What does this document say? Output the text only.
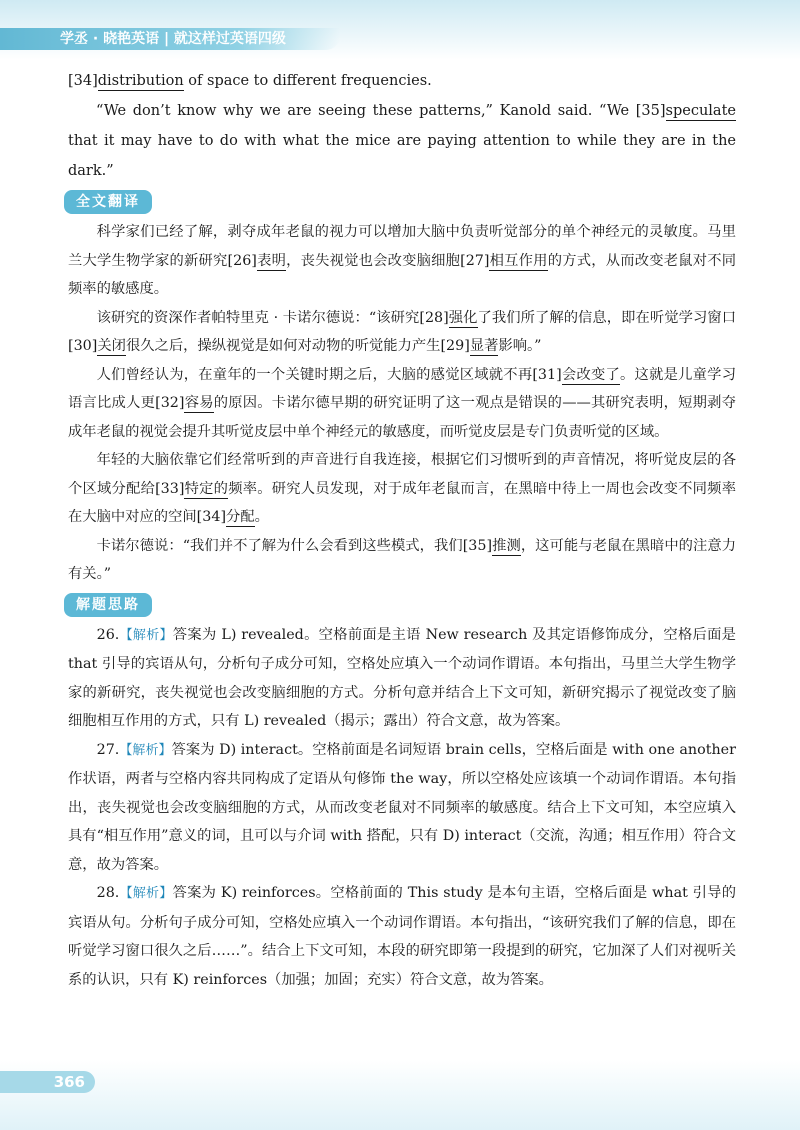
学丞 · 晓艳英语 | 就这样过英语四级

[34]distribution of space to different frequencies.

“We don’t know why we are seeing these patterns,” Kanold said. “We [35]speculate that it may have to do with what the mice are paying attention to while they are in the dark.”

全文翻译

科学家们已经了解，剥夺成年老鼠的视力可以增加大脑中负责听觉部分的单个神经元的灵敏度。马里兰大学生物学家的新研究[26]表明，丧失视觉也会改变脑细胞[27]相互作用的方式，从而改变老鼠对不同频率的敏感度。

该研究的资深作者帕特里克 · 卡诺尔德说：“该研究[28]强化了我们所了解的信息，即在听觉学习窗口[30]关闭很久之后，操纵视觉是如何对动物的听觉能力产生[29]显著影响。”

人们曾经认为，在童年的一个关键时期之后，大脑的感觉区域就不再[31]会改变了。这就是儿童学习语言比成人更[32]容易的原因。卡诺尔德早期的研究证明了这一观点是错误的——其研究表明，短期剥夺成年老鼠的视觉会提升其听觉皮层中单个神经元的敏感度，而听觉皮层是专门负责听觉的区域。

年轻的大脑依靠它们经常听到的声音进行自我连接，根据它们习惯听到的声音情况，将听觉皮层的各个区域分配给[33]特定的频率。研究人员发现，对于成年老鼠而言，在黑暗中待上一周也会改变不同频率在大脑中对应的空间[34]分配。

卡诺尔德说：“我们并不了解为什么会看到这些模式，我们[35]推测，这可能与老鼠在黑暗中的注意力有关。”

解题思路

26.【解析】答案为 L) revealed。空格前面是主语 New research 及其定语修饰成分，空格后面是 that 引导的宾语从句，分析句子成分可知，空格处应填入一个动词作谓语。本句指出，马里兰大学生物学家的新研究，丧失视觉也会改变脑细胞的方式。分析句意并结合上下文可知，新研究揭示了视觉改变了脑细胞相互作用的方式，只有 L) revealed（揭示；露出）符合文意，故为答案。

27.【解析】答案为 D) interact。空格前面是名词短语 brain cells，空格后面是 with one another 作状语，两者与空格内容共同构成了定语从句修饰 the way，所以空格处应该填一个动词作谓语。本句指出，丧失视觉也会改变脑细胞的方式，从而改变老鼠对不同频率的敏感度。结合上下文可知，本空应填入具有“相互作用”意义的词，且可以与介词 with 搭配，只有 D) interact（交流，沟通；相互作用）符合文意，故为答案。

28.【解析】答案为 K) reinforces。空格前面的 This study 是本句主语，空格后面是 what 引导的宾语从句。分析句子成分可知，空格处应填入一个动词作谓语。本句指出，“该研究我们了解的信息，即在听觉学习窗口很久之后……”。结合上下文可知，本段的研究即第一段提到的研究，它加深了人们对视听关系的认识，只有 K) reinforces（加强；加固；充实）符合文意，故为答案。

366
